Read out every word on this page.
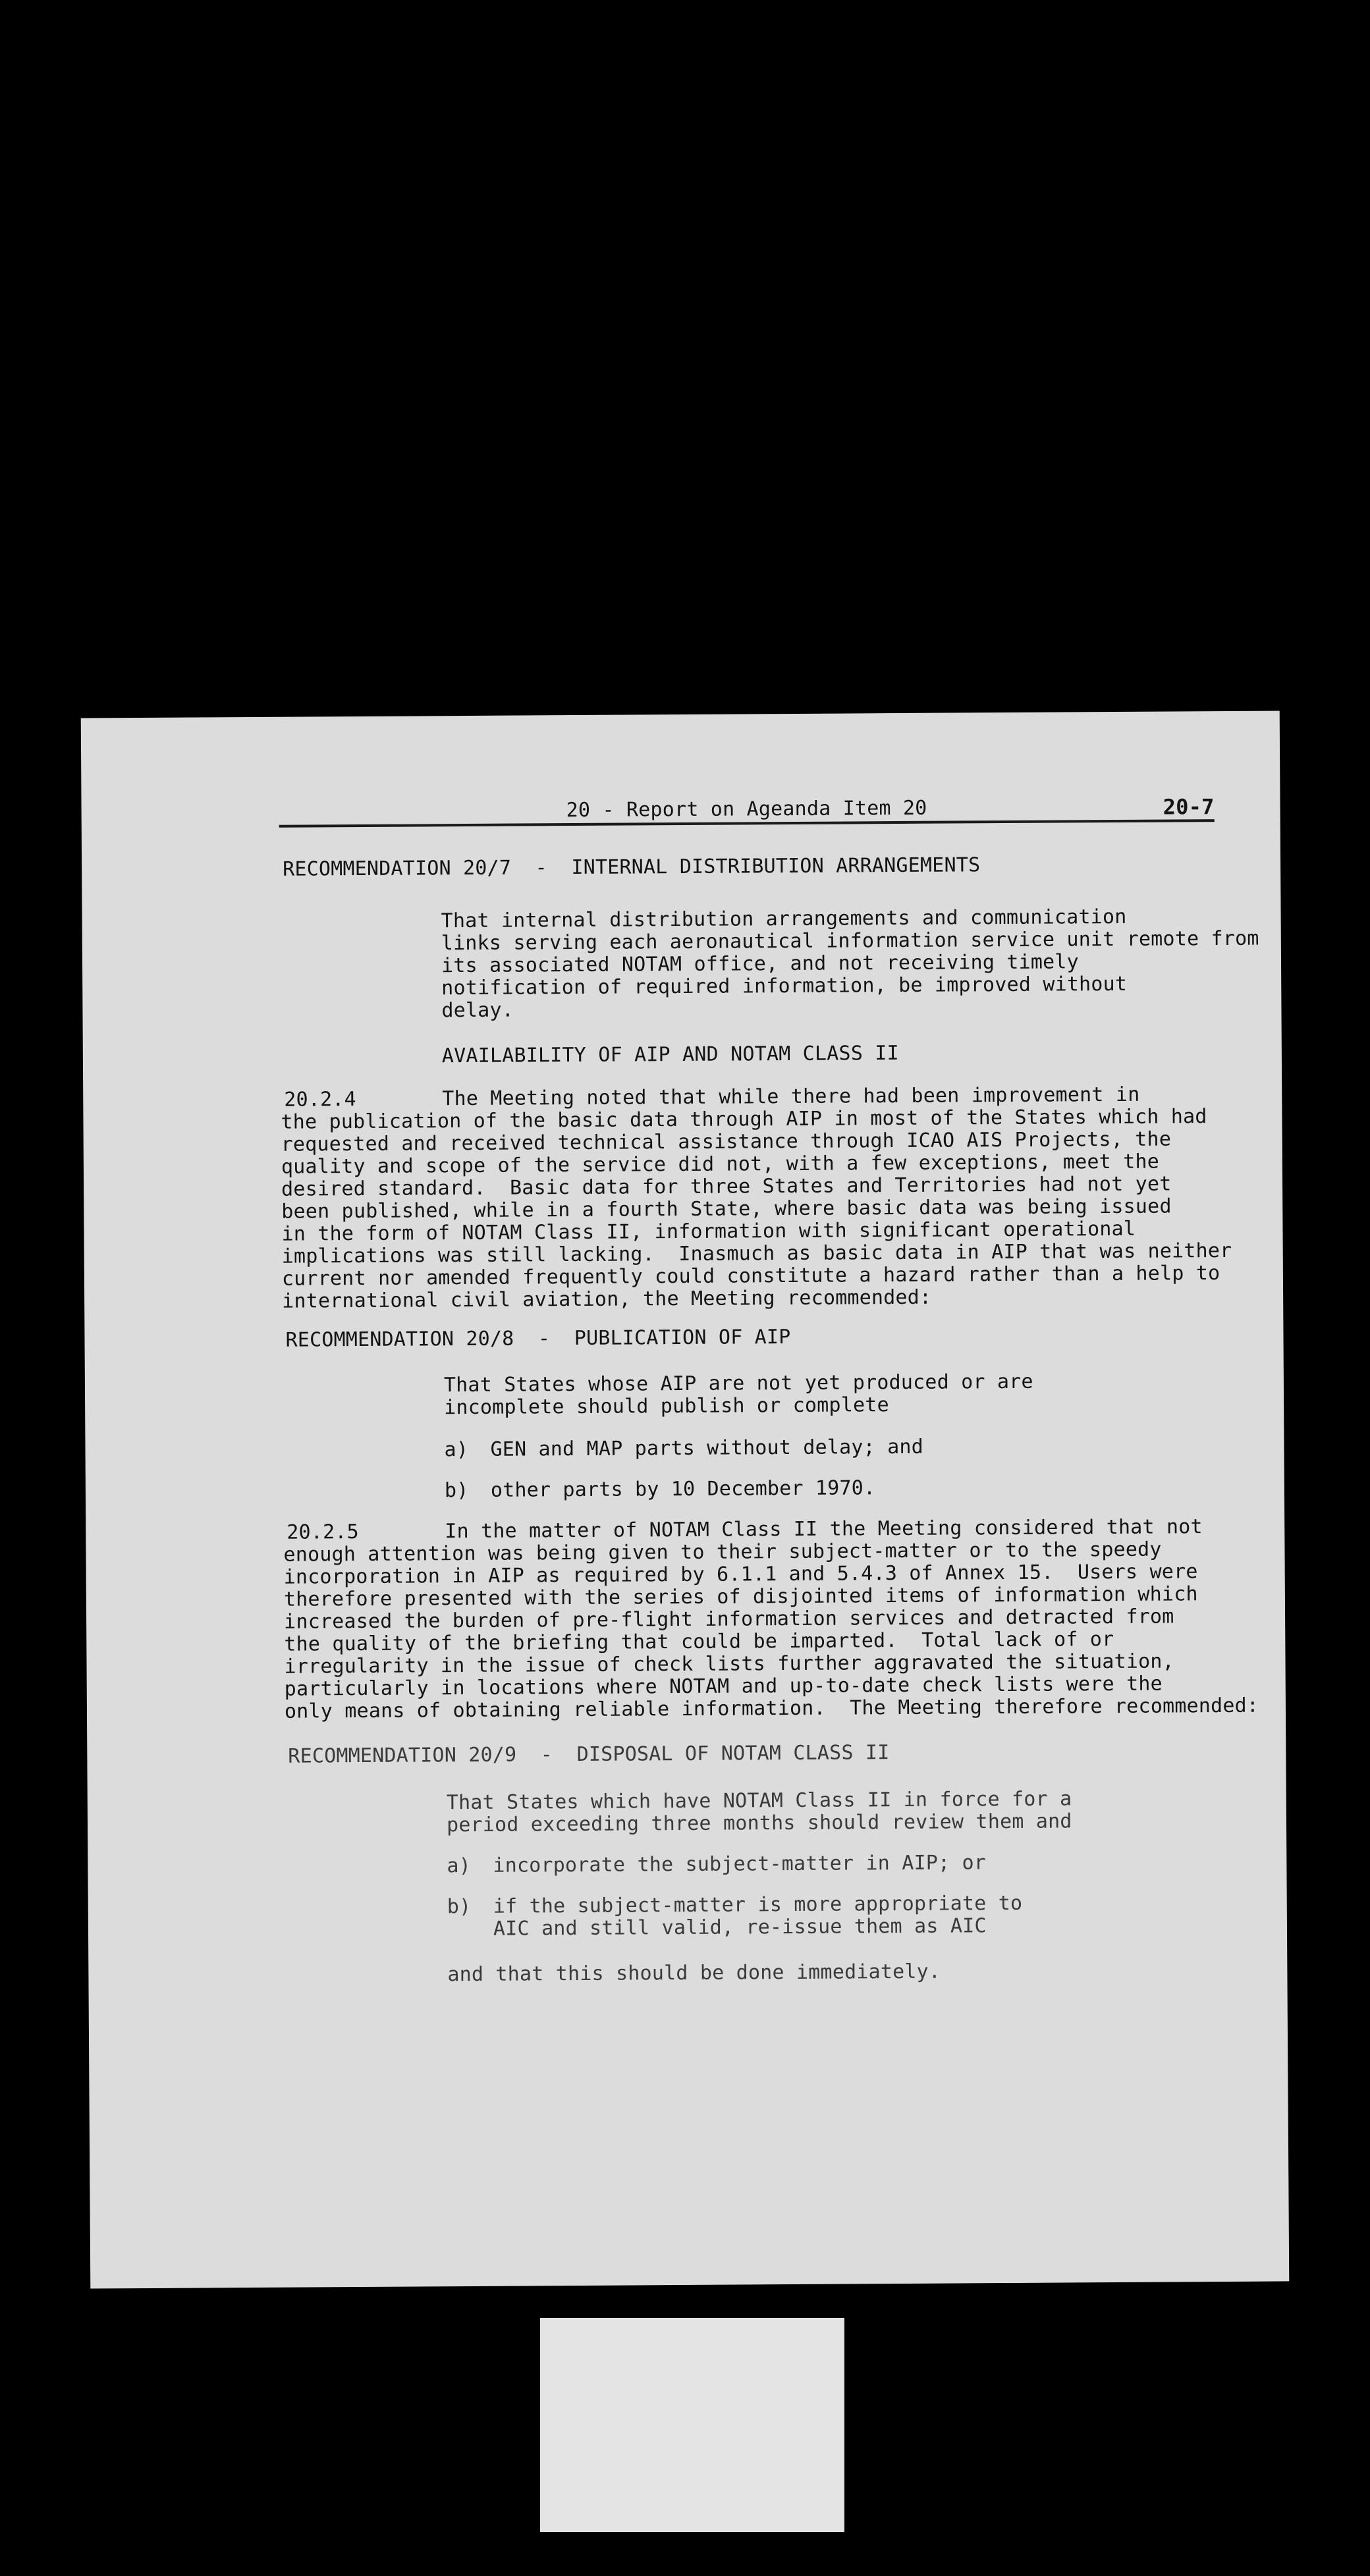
20 - Report on Ageanda Item 20	20-7
RECOMMENDATION 20/7  -  INTERNAL DISTRIBUTION ARRANGEMENTS
That internal distribution arrangements and communication
links serving each aeronautical information service unit remote from
its associated NOTAM office, and not receiving timely
notification of required information, be improved without
delay.
AVAILABILITY OF AIP AND NOTAM CLASS II
20.2.4	The Meeting noted that while there had been improvement in
the publication of the basic data through AIP in most of the States which had
requested and received technical assistance through ICAO AIS Projects, the
quality and scope of the service did not, with a few exceptions, meet the
desired standard.  Basic data for three States and Territories had not yet
been published, while in a fourth State, where basic data was being issued
in the form of NOTAM Class II, information with significant operational
implications was still lacking.  Inasmuch as basic data in AIP that was neither
current nor amended frequently could constitute a hazard rather than a help to
international civil aviation, the Meeting recommended:
RECOMMENDATION 20/8  -  PUBLICATION OF AIP
That States whose AIP are not yet produced or are
incomplete should publish or complete
a) GEN and MAP parts without delay; and
b) other parts by 10 December 1970.
20.2.5	In the matter of NOTAM Class II the Meeting considered that not
enough attention was being given to their subject-matter or to the speedy
incorporation in AIP as required by 6.1.1 and 5.4.3 of Annex 15.  Users were
therefore presented with the series of disjointed items of information which
increased the burden of pre-flight information services and detracted from
the quality of the briefing that could be imparted.  Total lack of or
irregularity in the issue of check lists further aggravated the situation,
particularly in locations where NOTAM and up-to-date check lists were the
only means of obtaining reliable information.  The Meeting therefore recommended:
RECOMMENDATION 20/9  -  DISPOSAL OF NOTAM CLASS II
That States which have NOTAM Class II in force for a
period exceeding three months should review them and
a) incorporate the subject-matter in AIP; or
b) if the subject-matter is more appropriate to
AIC and still valid, re-issue them as AIC
and that this should be done immediately.
